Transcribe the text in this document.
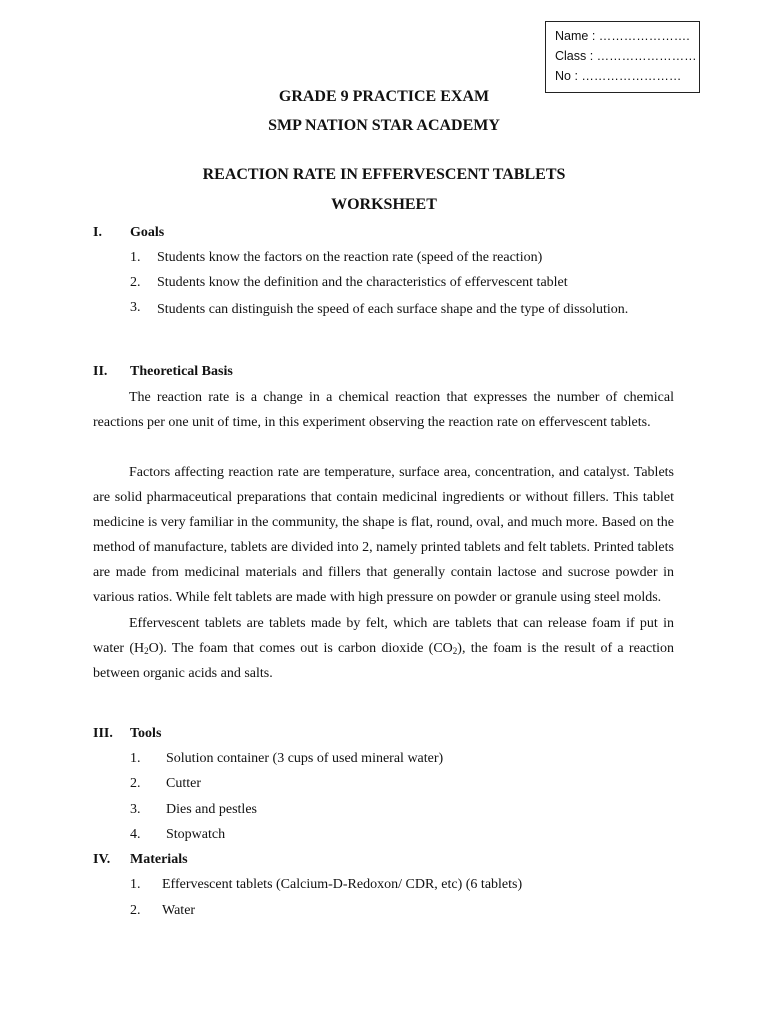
Name : ………………….
Class : ……………………
No : ……………………
GRADE 9 PRACTICE EXAM
SMP NATION STAR ACADEMY
REACTION RATE IN EFFERVESCENT TABLETS
WORKSHEET
I. Goals
1. Students know the factors on the reaction rate (speed of the reaction)
2. Students know the definition and the characteristics of effervescent tablet
3. Students can distinguish the speed of each surface shape and the type of dissolution.

II. Theoretical Basis

The reaction rate is a change in a chemical reaction that expresses the number of chemical reactions per one unit of time, in this experiment observing the reaction rate on effervescent tablets.

Factors affecting reaction rate are temperature, surface area, concentration, and catalyst. Tablets are solid pharmaceutical preparations that contain medicinal ingredients or without fillers. This tablet medicine is very familiar in the community, the shape is flat, round, oval, and much more. Based on the method of manufacture, tablets are divided into 2, namely printed tablets and felt tablets. Printed tablets are made from medicinal materials and fillers that generally contain lactose and sucrose powder in various ratios. While felt tablets are made with high pressure on powder or granule using steel molds.

Effervescent tablets are tablets made by felt, which are tablets that can release foam if put in water $(H_2O)$. The foam that comes out is carbon dioxide $(CO_2)$, the foam is the result of a reaction between organic acids and salts.

III. Tools
1. Solution container (3 cups of used mineral water)
2. Cutter
3. Dies and pestles
4. Stopwatch
IV. Materials
1. Effervescent tablets (Calcium-D-Redoxon/ CDR, etc) (6 tablets)
2. Water
